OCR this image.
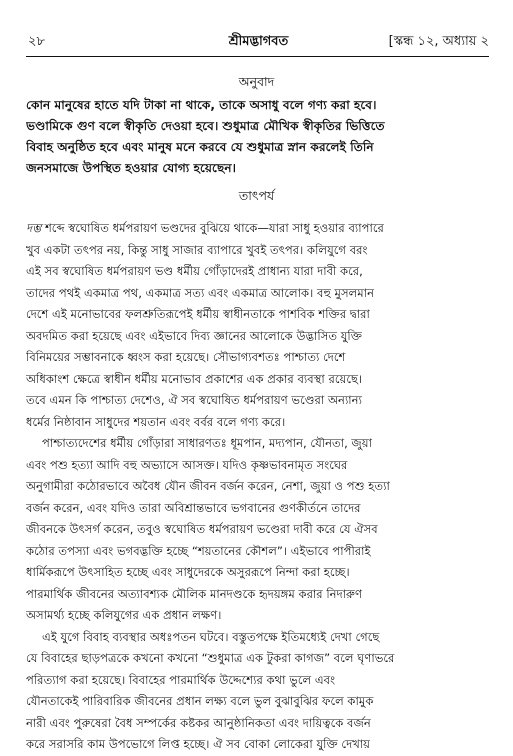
শ্রীমদ্ভাগবত
২৮	[স্কন্ধ ১২, অধ্যায় ২
অনুবাদ
কোন মানুষের হাতে যদি টাকা না থাকে, তাকে অসাধু বলে গণ্য করা হবে।
ভণ্ডামিকে গুণ বলে স্বীকৃতি দেওয়া হবে। শুধুমাত্র মৌখিক স্বীকৃতির ভিত্তিতে
বিবাহ অনুষ্ঠিত হবে এবং মানুষ মনে করবে যে শুধুমাত্র স্নান করলেই তিনি
জনসমাজে উপস্থিত হওয়ার যোগ্য হয়েছেন।
তাৎপর্য
দম্ভ শব্দে স্বঘোষিত ধর্মপরায়ণ ভণ্ডদের বুঝিয়ে থাকে—যারা সাধু হওয়ার ব্যাপারে
খুব একটা তৎপর নয়, কিন্তু সাধু সাজার ব্যাপারে খুবই তৎপর। কলিযুগে বরং
এই সব স্বঘোষিত ধর্মপরায়ণ ভণ্ড ধর্মীয় গোঁড়াদেরই প্রাধান্য যারা দাবী করে,
তাদের পথই একমাত্র পথ, একমাত্র সত্য এবং একমাত্র আলোক। বহু মুসলমান
দেশে এই মনোভাবের ফলশ্রুতিরূপেই ধর্মীয় স্বাধীনতাকে পাশবিক শক্তির দ্বারা
অবদমিত করা হয়েছে এবং এইভাবে দিব্য জ্ঞানের আলোকে উদ্ভাসিত যুক্তি
বিনিময়ের সম্ভাবনাকে ধ্বংস করা হয়েছে। সৌভাগ্যবশতঃ পাশ্চাত্য দেশে
অধিকাংশ ক্ষেত্রে স্বাধীন ধর্মীয় মনোভাব প্রকাশের এক প্রকার ব্যবস্থা রয়েছে।
তবে এমন কি পাশ্চাত্য দেশেও, ঐ সব স্বঘোষিত ধর্মপরায়ণ ভণ্ডেরা অন্যান্য
ধর্মের নিষ্ঠাবান সাধুদের শয়তান এবং বর্বর বলে গণ্য করে।
পাশ্চাত্যদেশের ধর্মীয় গোঁড়ারা সাধারণতঃ ধূমপান, মদ্যপান, যৌনতা, জুয়া
এবং পশু হত্যা আদি বহু অভ্যাসে আসক্ত। যদিও কৃষ্ণভাবনামৃত সংঘের
অনুগামীরা কঠোরভাবে অবৈধ যৌন জীবন বর্জন করেন, নেশা, জুয়া ও পশু হত্যা
বর্জন করেন, এবং যদিও তারা অবিশ্রান্তভাবে ভগবানের গুণকীর্তনে তাদের
জীবনকে উৎসর্গ করেন, তবুও স্বঘোষিত ধর্মপরায়ণ ভণ্ডেরা দাবী করে যে ঐসব
কঠোর তপস্যা এবং ভগবদ্ভক্তি হচ্ছে “শয়তানের কৌশল”। এইভাবে পাপীরাই
ধার্মিকরূপে উৎসাহিত হচ্ছে এবং সাধুদেরকে অসুররূপে নিন্দা করা হচ্ছে।
পারমার্থিক জীবনের অত্যাবশ্যক মৌলিক মানদণ্ডকে হৃদয়ঙ্গম করার নিদারুণ
অসামর্থ্য হচ্ছে কলিযুগের এক প্রধান লক্ষণ।
এই যুগে বিবাহ ব্যবস্থার অধঃপতন ঘটবে। বস্তুতপক্ষে ইতিমধ্যেই দেখা গেছে
যে বিবাহের ছাড়পত্রকে কখনো কখনো “শুধুমাত্র এক টুকরা কাগজ” বলে ঘৃণাভরে
পরিত্যাগ করা হয়েছে। বিবাহের পারমার্থিক উদ্দেশ্যের কথা ভুলে এবং
যৌনতাকেই পারিবারিক জীবনের প্রধান লক্ষ্য বলে ভুল বুঝাবুঝির ফলে কামুক
নারী এবং পুরুষেরা বৈধ সম্পর্কের কষ্টকর আনুষ্ঠানিকতা এবং দায়িত্বকে বর্জন
করে সরাসরি কাম উপভোগে লিপ্ত হচ্ছে। ঐ সব বোকা লোকেরা যুক্তি দেখায়
